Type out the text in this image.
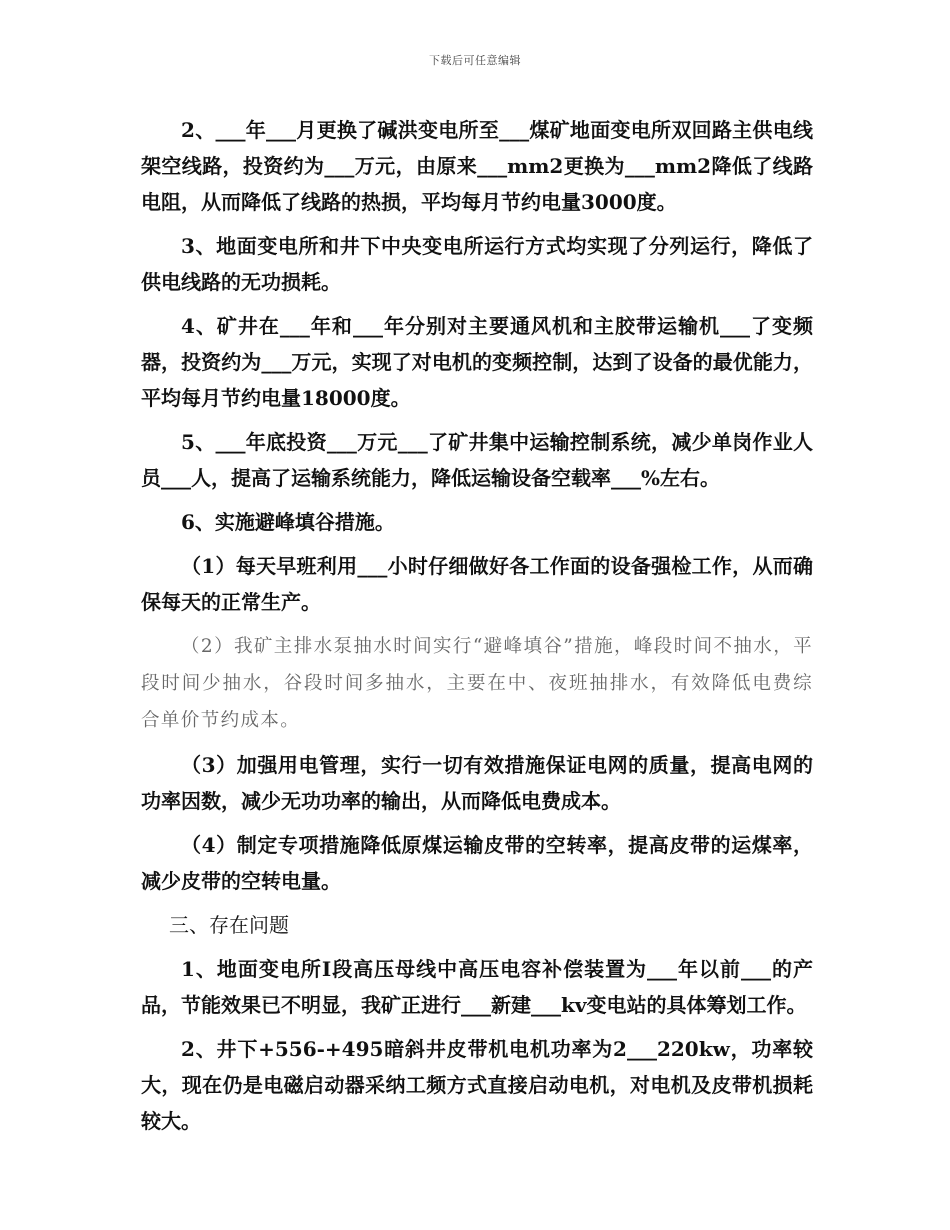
下载后可任意编辑

2、___年___月更换了碱洪变电所至___煤矿地面变电所双回路主供电线架空线路，投资约为___万元，由原来___mm2更换为___mm2降低了线路电阻，从而降低了线路的热损，平均每月节约电量3000度。

3、地面变电所和井下中央变电所运行方式均实现了分列运行，降低了供电线路的无功损耗。

4、矿井在___年和___年分别对主要通风机和主胶带运输机___了变频器，投资约为___万元，实现了对电机的变频控制，达到了设备的最优能力，平均每月节约电量18000度。

5、___年底投资___万元___了矿井集中运输控制系统，减少单岗作业人员___人，提高了运输系统能力，降低运输设备空载率___%左右。

6、实施避峰填谷措施。

（1）每天早班利用___小时仔细做好各工作面的设备强检工作，从而确保每天的正常生产。

（2）我矿主排水泵抽水时间实行“避峰填谷”措施，峰段时间不抽水，平段时间少抽水，谷段时间多抽水，主要在中、夜班抽排水，有效降低电费综合单价节约成本。

（3）加强用电管理，实行一切有效措施保证电网的质量，提高电网的功率因数，减少无功功率的输出，从而降低电费成本。

（4）制定专项措施降低原煤运输皮带的空转率，提高皮带的运煤率，减少皮带的空转电量。

三、存在问题

1、地面变电所Ⅰ段高压母线中高压电容补偿装置为___年以前___的产品，节能效果已不明显，我矿正进行___新建___kv变电站的具体筹划工作。

2、井下+556-+495暗斜井皮带机电机功率为2___220kw，功率较大，现在仍是电磁启动器采纳工频方式直接启动电机，对电机及皮带机损耗较大。
